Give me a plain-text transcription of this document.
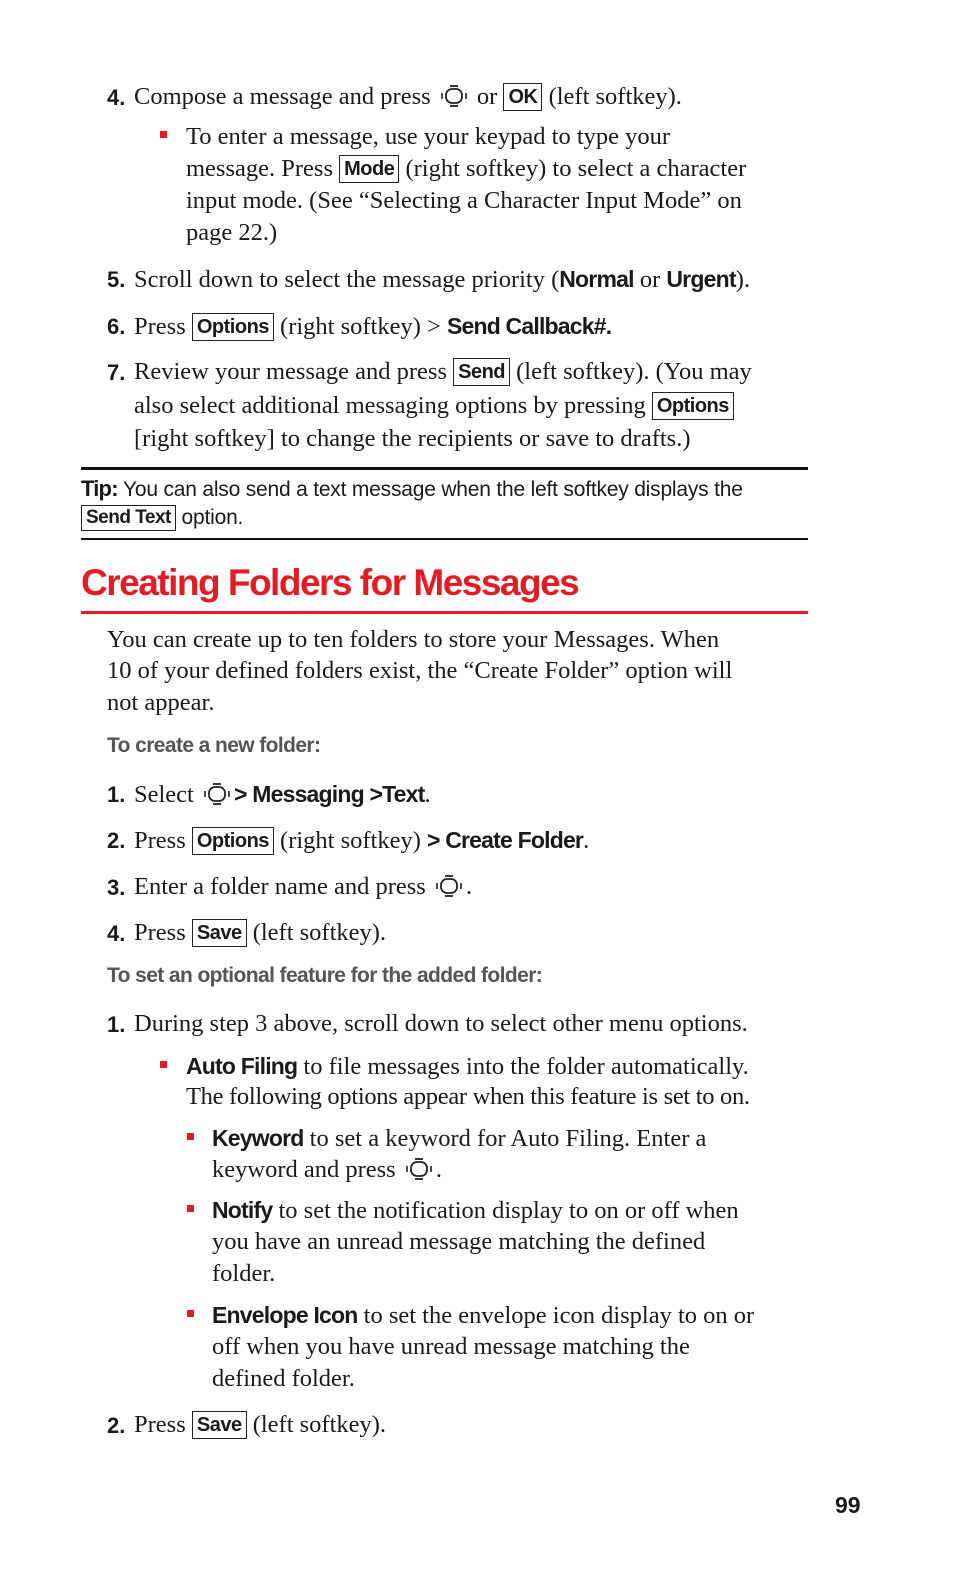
4. Compose a message and press or OK (left softkey).
To enter a message, use your keypad to type your
message. Press Mode (right softkey) to select a character
input mode. (See “Selecting a Character Input Mode” on
page 22.)
5. Scroll down to select the message priority (Normal or Urgent).
6. Press Options (right softkey) > Send Callback#.
7. Review your message and press Send (left softkey). (You may
also select additional messaging options by pressing Options
[right softkey] to change the recipients or save to drafts.)
Tip: You can also send a text message when the left softkey displays the
Send Text option.
Creating Folders for Messages
You can create up to ten folders to store your Messages. When
10 of your defined folders exist, the “Create Folder” option will
not appear.
To create a new folder:
1. Select > Messaging >Text.
2. Press Options (right softkey) > Create Folder.
3. Enter a folder name and press .
4. Press Save (left softkey).
To set an optional feature for the added folder:
1. During step 3 above, scroll down to select other menu options.
Auto Filing to file messages into the folder automatically.
The following options appear when this feature is set to on.
Keyword to set a keyword for Auto Filing. Enter a
keyword and press .
Notify to set the notification display to on or off when
you have an unread message matching the defined
folder.
Envelope Icon to set the envelope icon display to on or
off when you have unread message matching the
defined folder.
2. Press Save (left softkey).
99
